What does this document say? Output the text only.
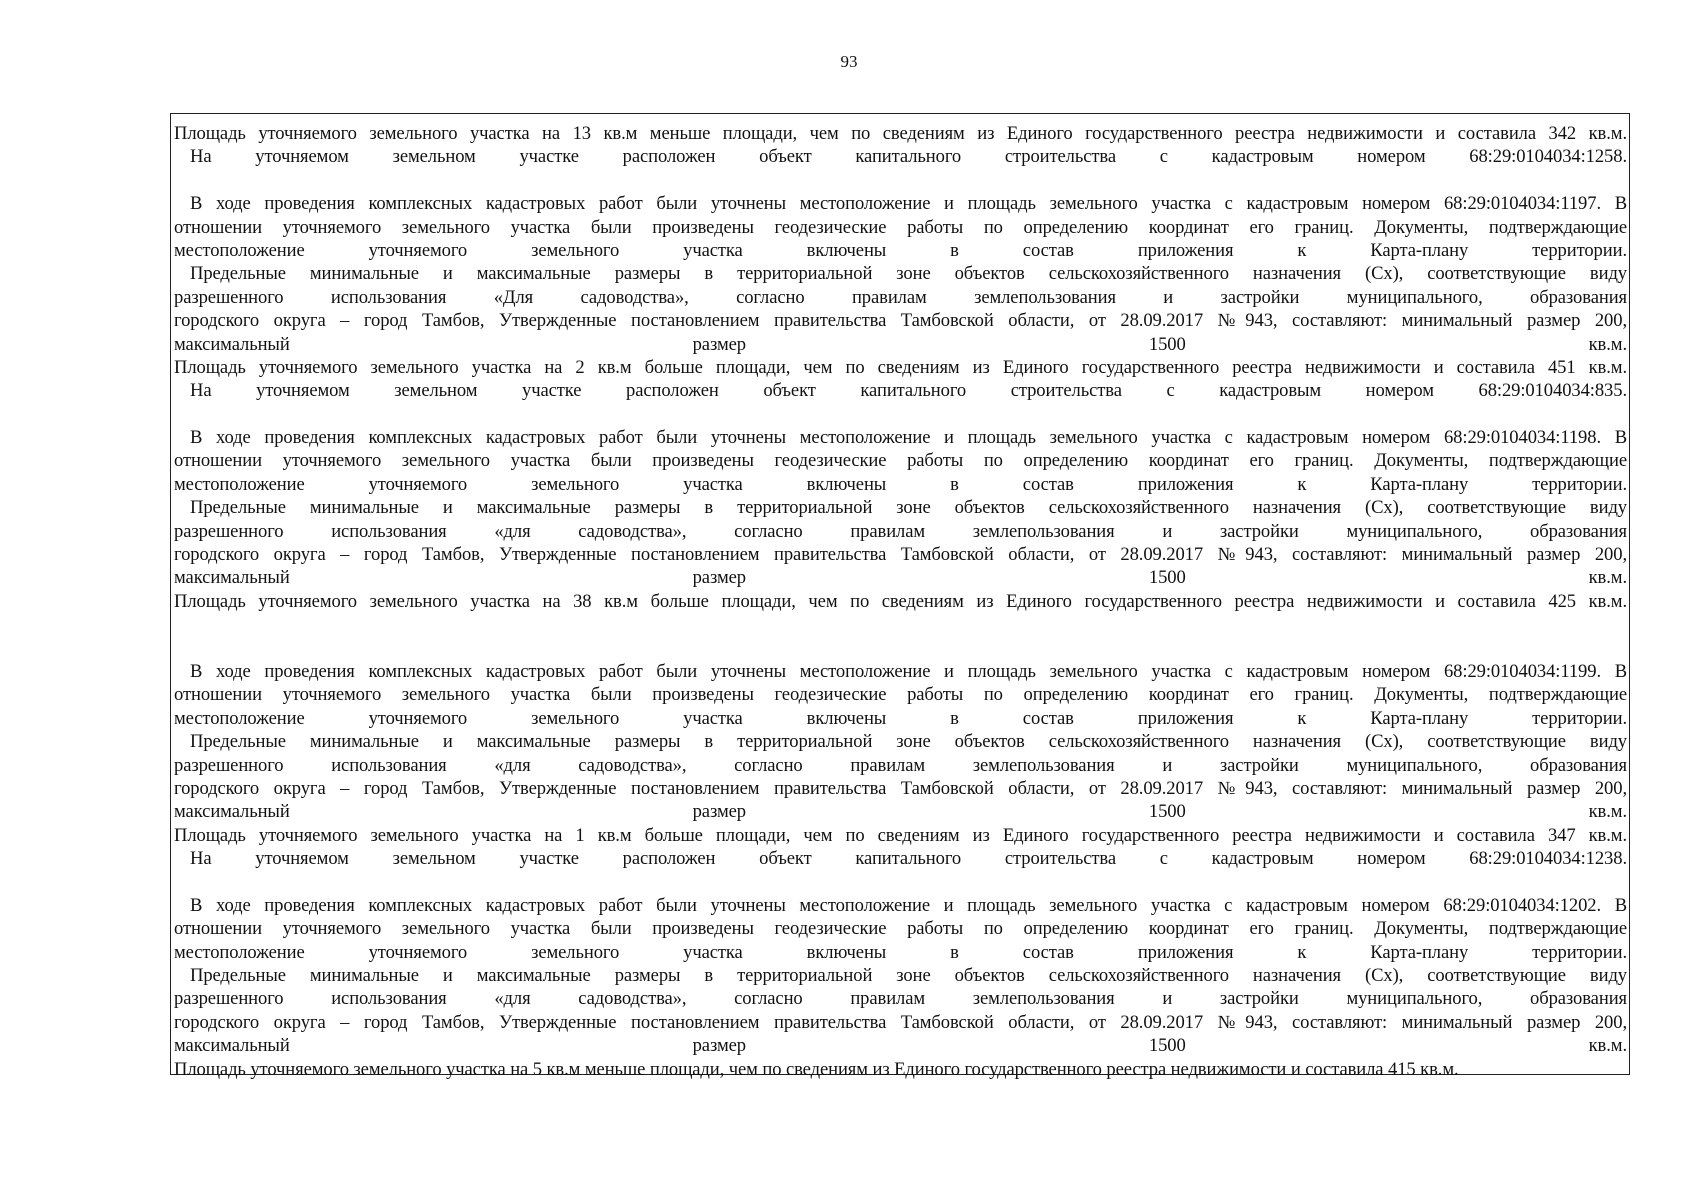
93
Площадь уточняемого земельного участка на 13 кв.м меньше площади, чем по сведениям из Единого государственного реестра недвижимости и составила 342 кв.м.
На уточняемом земельном участке расположен объект капитального строительства с кадастровым номером 68:29:0104034:1258.
В ходе проведения комплексных кадастровых работ были уточнены местоположение и площадь земельного участка с кадастровым номером 68:29:0104034:1197. В
отношении уточняемого земельного участка были произведены геодезические работы по определению координат его границ. Документы, подтверждающие
местоположение уточняемого земельного участка включены в состав приложения к Карта-плану территории.
Предельные минимальные и максимальные размеры в территориальной зоне объектов сельскохозяйственного назначения (Сх), соответствующие виду
разрешенного использования «Для садоводства», согласно правилам землепользования и застройки муниципального, образования
городского округа – город Тамбов, Утвержденные постановлением правительства Тамбовской области, от 28.09.2017 №943, составляют: минимальный размер 200,
максимальный размер 1500 кв.м.
Площадь уточняемого земельного участка на 2 кв.м больше площади, чем по сведениям из Единого государственного реестра недвижимости и составила 451 кв.м.
На уточняемом земельном участке расположен объект капитального строительства с кадастровым номером 68:29:0104034:835.
В ходе проведения комплексных кадастровых работ были уточнены местоположение и площадь земельного участка с кадастровым номером 68:29:0104034:1198. В
отношении уточняемого земельного участка были произведены геодезические работы по определению координат его границ. Документы, подтверждающие
местоположение уточняемого земельного участка включены в состав приложения к Карта-плану территории.
Предельные минимальные и максимальные размеры в территориальной зоне объектов сельскохозяйственного назначения (Сх), соответствующие виду
разрешенного использования «для садоводства», согласно правилам землепользования и застройки муниципального, образования
городского округа – город Тамбов, Утвержденные постановлением правительства Тамбовской области, от 28.09.2017 №943, составляют: минимальный размер 200,
максимальный размер 1500 кв.м.
Площадь уточняемого земельного участка на 38 кв.м больше площади, чем по сведениям из Единого государственного реестра недвижимости и составила 425 кв.м.
В ходе проведения комплексных кадастровых работ были уточнены местоположение и площадь земельного участка с кадастровым номером 68:29:0104034:1199. В
отношении уточняемого земельного участка были произведены геодезические работы по определению координат его границ. Документы, подтверждающие
местоположение уточняемого земельного участка включены в состав приложения к Карта-плану территории.
Предельные минимальные и максимальные размеры в территориальной зоне объектов сельскохозяйственного назначения (Сх), соответствующие виду
разрешенного использования «для садоводства», согласно правилам землепользования и застройки муниципального, образования
городского округа – город Тамбов, Утвержденные постановлением правительства Тамбовской области, от 28.09.2017 №943, составляют: минимальный размер 200,
максимальный размер 1500 кв.м.
Площадь уточняемого земельного участка на 1 кв.м больше площади, чем по сведениям из Единого государственного реестра недвижимости и составила 347 кв.м.
На уточняемом земельном участке расположен объект капитального строительства с кадастровым номером 68:29:0104034:1238.
В ходе проведения комплексных кадастровых работ были уточнены местоположение и площадь земельного участка с кадастровым номером 68:29:0104034:1202. В
отношении уточняемого земельного участка были произведены геодезические работы по определению координат его границ. Документы, подтверждающие
местоположение уточняемого земельного участка включены в состав приложения к Карта-плану территории.
Предельные минимальные и максимальные размеры в территориальной зоне объектов сельскохозяйственного назначения (Сх), соответствующие виду
разрешенного использования «для садоводства», согласно правилам землепользования и застройки муниципального, образования
городского округа – город Тамбов, Утвержденные постановлением правительства Тамбовской области, от 28.09.2017 №943, составляют: минимальный размер 200,
максимальный размер 1500 кв.м.
Площадь уточняемого земельного участка на 5 кв.м меньше площади, чем по сведениям из Единого государственного реестра недвижимости и составила 415 кв.м.
